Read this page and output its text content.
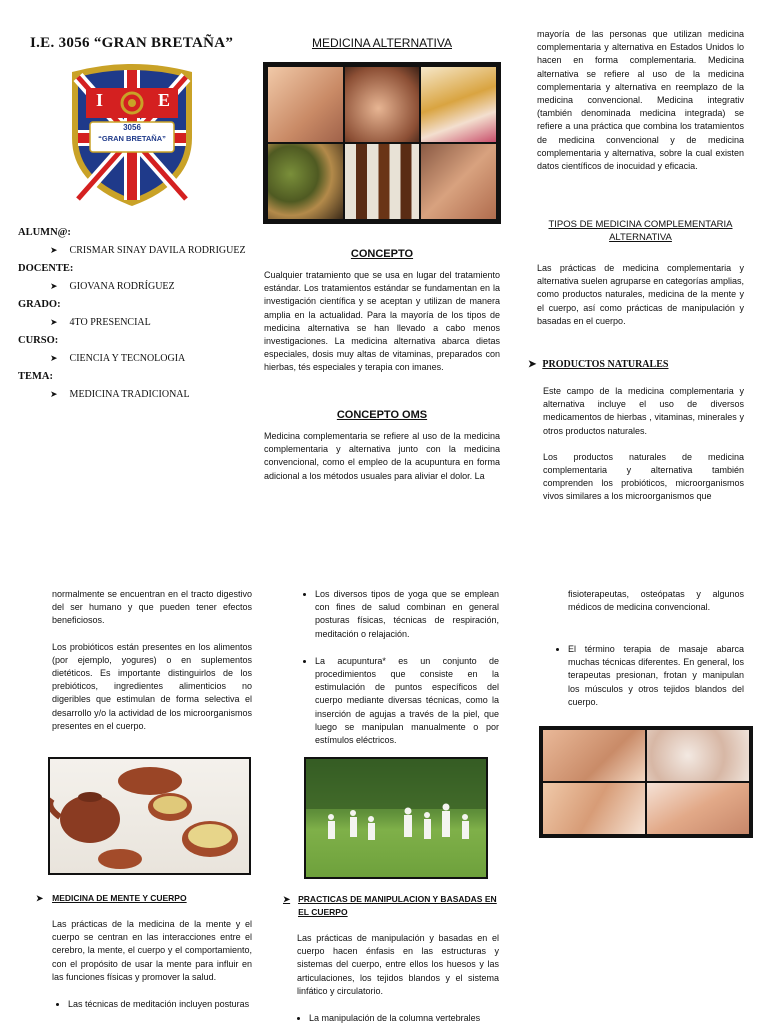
I.E. 3056 “GRAN BRETAÑA”
I	E
3056
“GRAN BRETAÑA”

ALUMN@:

➤ CRISMAR SINAY DAVILA RODRIGUEZ

DOCENTE:

➤ GIOVANA RODRÍGUEZ

GRADO:

➤ 4TO PRESENCIAL

CURSO:

➤ CIENCIA Y TECNOLOGIA

TEMA:

➤ MEDICINA TRADICIONAL

MEDICINA ALTERNATIVA

CONCEPTO

Cualquier tratamiento que se usa en lugar del tratamiento estándar. Los tratamientos estándar se fundamentan en la investigación científica y se aceptan y utilizan de manera amplia en la actualidad. Para la mayoría de los tipos de medicina alternativa se han llevado a cabo menos investigaciones. La medicina alternativa abarca dietas especiales, dosis muy altas de vitaminas, preparados con hierbas, tés especiales y terapia con imanes.

CONCEPTO OMS

Medicina complementaria se refiere al uso de la medicina complementaria y alternativa junto con la medicina convencional, como el empleo de la acupuntura en forma adicional a los métodos usuales para aliviar el dolor. La

mayoría de las personas que utilizan medicina complementaria y alternativa en Estados Unidos lo hacen en forma complementaria. Medicina alternativa se refiere al uso de la medicina complementaria y alternativa en reemplazo de la medicina convencional. Medicina integrativ (también denominada medicina integrada) se refiere a una práctica que combina los tratamientos de medicina convencional y de medicina complementaria y alternativa, sobre la cual existen datos científicos de inocuidad y eficacia.

TIPOS DE MEDICINA COMPLEMENTARIA ALTERNATIVA

Las prácticas de medicina complementaria y alternativa suelen agruparse en categorías amplias, como productos naturales, medicina de la mente y el cuerpo, así como prácticas de manipulación y basadas en el cuerpo.

➤ PRODUCTOS NATURALES

Este campo de la medicina complementaria y alternativa incluye el uso de diversos medicamentos de hierbas , vitaminas, minerales y otros productos naturales.

Los productos naturales de medicina complementaria y alternativa también comprenden los probióticos, microorganismos vivos similares a los microorganismos que

normalmente se encuentran en el tracto digestivo del ser humano y que pueden tener efectos beneficiosos.

Los probióticos están presentes en los alimentos (por ejemplo, yogures) o en suplementos dietéticos. Es importante distinguirlos de los prebióticos, ingredientes alimenticios no digeribles que estimulan de forma selectiva el desarrollo y/o la actividad de los microorganismos presentes en el cuerpo.

➤ MEDICINA DE MENTE Y CUERPO

Las prácticas de la medicina de la mente y el cuerpo se centran en las interacciones entre el cerebro, la mente, el cuerpo y el comportamiento, con el propósito de usar la mente para influir en las funciones físicas y promover la salud.

• Las técnicas de meditación incluyen posturas
• Los diversos tipos de yoga que se emplean con fines de salud combinan en general posturas físicas, técnicas de respiración, meditación o relajación.
• La acupuntura* es un conjunto de procedimientos que consiste en la estimulación de puntos específicos del cuerpo mediante diversas técnicas, como la inserción de agujas a través de la piel, que luego se manipulan manualmente o por estímulos eléctricos.

➤ PRACTICAS DE MANIPULACION Y BASADAS EN EL CUERPO

Las prácticas de manipulación y basadas en el cuerpo hacen énfasis en las estructuras y sistemas del cuerpo, entre ellos los huesos y las articulaciones, los tejidos blandos y el sistema linfático y circulatorio.

• La manipulación de la columna vertebrales

fisioterapeutas, osteópatas y algunos médicos de medicina convencional.

• El término terapia de masaje abarca muchas técnicas diferentes. En general, los terapeutas presionan, frotan y manipulan los músculos y otros tejidos blandos del cuerpo.
